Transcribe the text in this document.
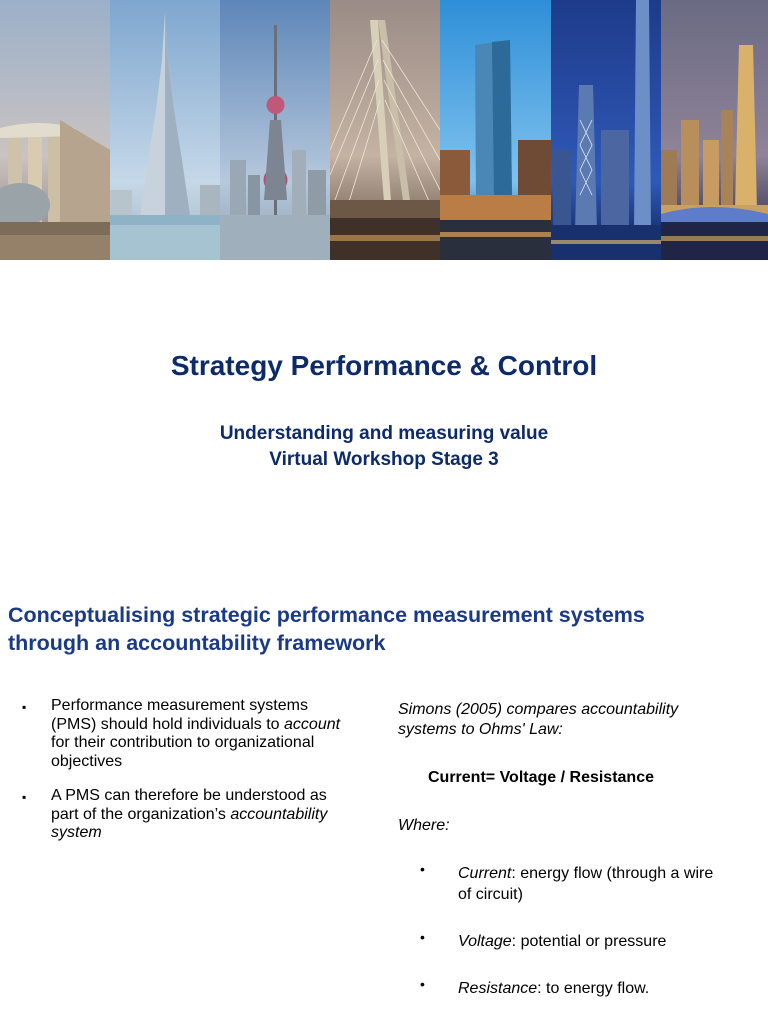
Strategy Performance & Control
Understanding and measuring value
Virtual Workshop Stage 3
Conceptualising strategic performance measurement systems
through an accountability framework
▪ Performance measurement systems (PMS) should hold individuals to account for their contribution to organizational objectives
▪ A PMS can therefore be understood as part of the organization’s accountability system
Simons (2005) compares accountability systems to Ohms' Law:
Current= Voltage / Resistance
Where:
• Current: energy flow (through a wire of circuit)
• Voltage: potential or pressure
• Resistance: to energy flow.
